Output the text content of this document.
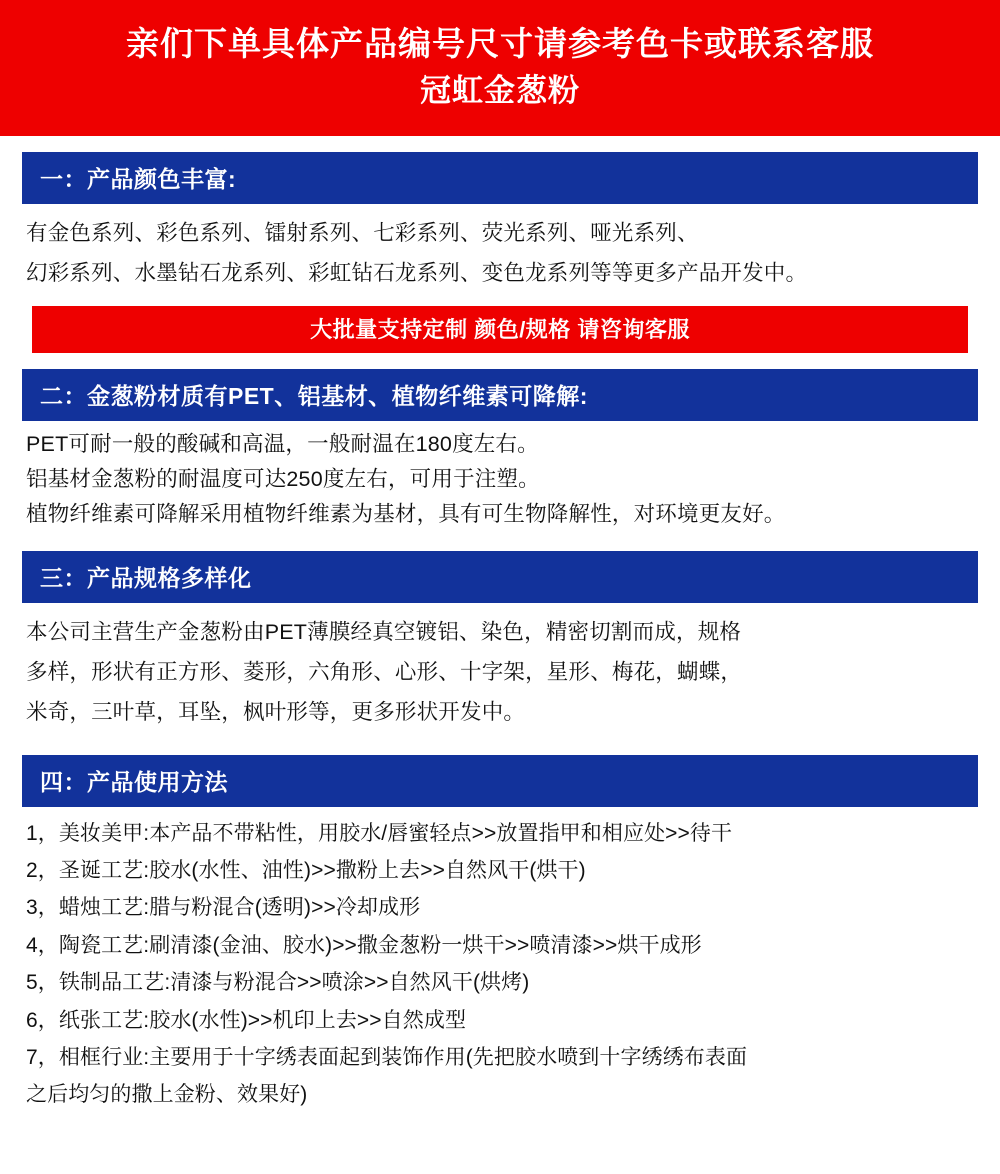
亲们下单具体产品编号尺寸请参考色卡或联系客服
冠虹金葱粉
一：产品颜色丰富:

有金色系列、彩色系列、镭射系列、七彩系列、荧光系列、哑光系列、

幻彩系列、水墨钻石龙系列、彩虹钻石龙系列、变色龙系列等等更多产品开发中。

大批量支持定制 颜色/规格 请咨询客服
二：金葱粉材质有PET、铝基材、植物纤维素可降解:

PET可耐一般的酸碱和高温，一般耐温在180度左右。

铝基材金葱粉的耐温度可达250度左右，可用于注塑。

植物纤维素可降解采用植物纤维素为基材，具有可生物降解性，对环境更友好。

三：产品规格多样化

本公司主营生产金葱粉由PET薄膜经真空镀铝、染色，精密切割而成，规格

多样，形状有正方形、菱形，六角形、心形、十字架，星形、梅花，蝴蝶，

米奇，三叶草，耳坠，枫叶形等，更多形状开发中。

四：产品使用方法

1，美妆美甲:本产品不带粘性，用胶水/唇蜜轻点>>放置指甲和相应处>>待干

2，圣诞工艺:胶水(水性、油性)>>撒粉上去>>自然风干(烘干)

3，蜡烛工艺:腊与粉混合(透明)>>冷却成形

4，陶瓷工艺:刷清漆(金油、胶水)>>撒金葱粉一烘干>>喷清漆>>烘干成形

5，铁制品工艺:清漆与粉混合>>喷涂>>自然风干(烘烤)

6，纸张工艺:胶水(水性)>>机印上去>>自然成型

7，相框行业:主要用于十字绣表面起到装饰作用(先把胶水喷到十字绣绣布表面

之后均匀的撒上金粉、效果好)
